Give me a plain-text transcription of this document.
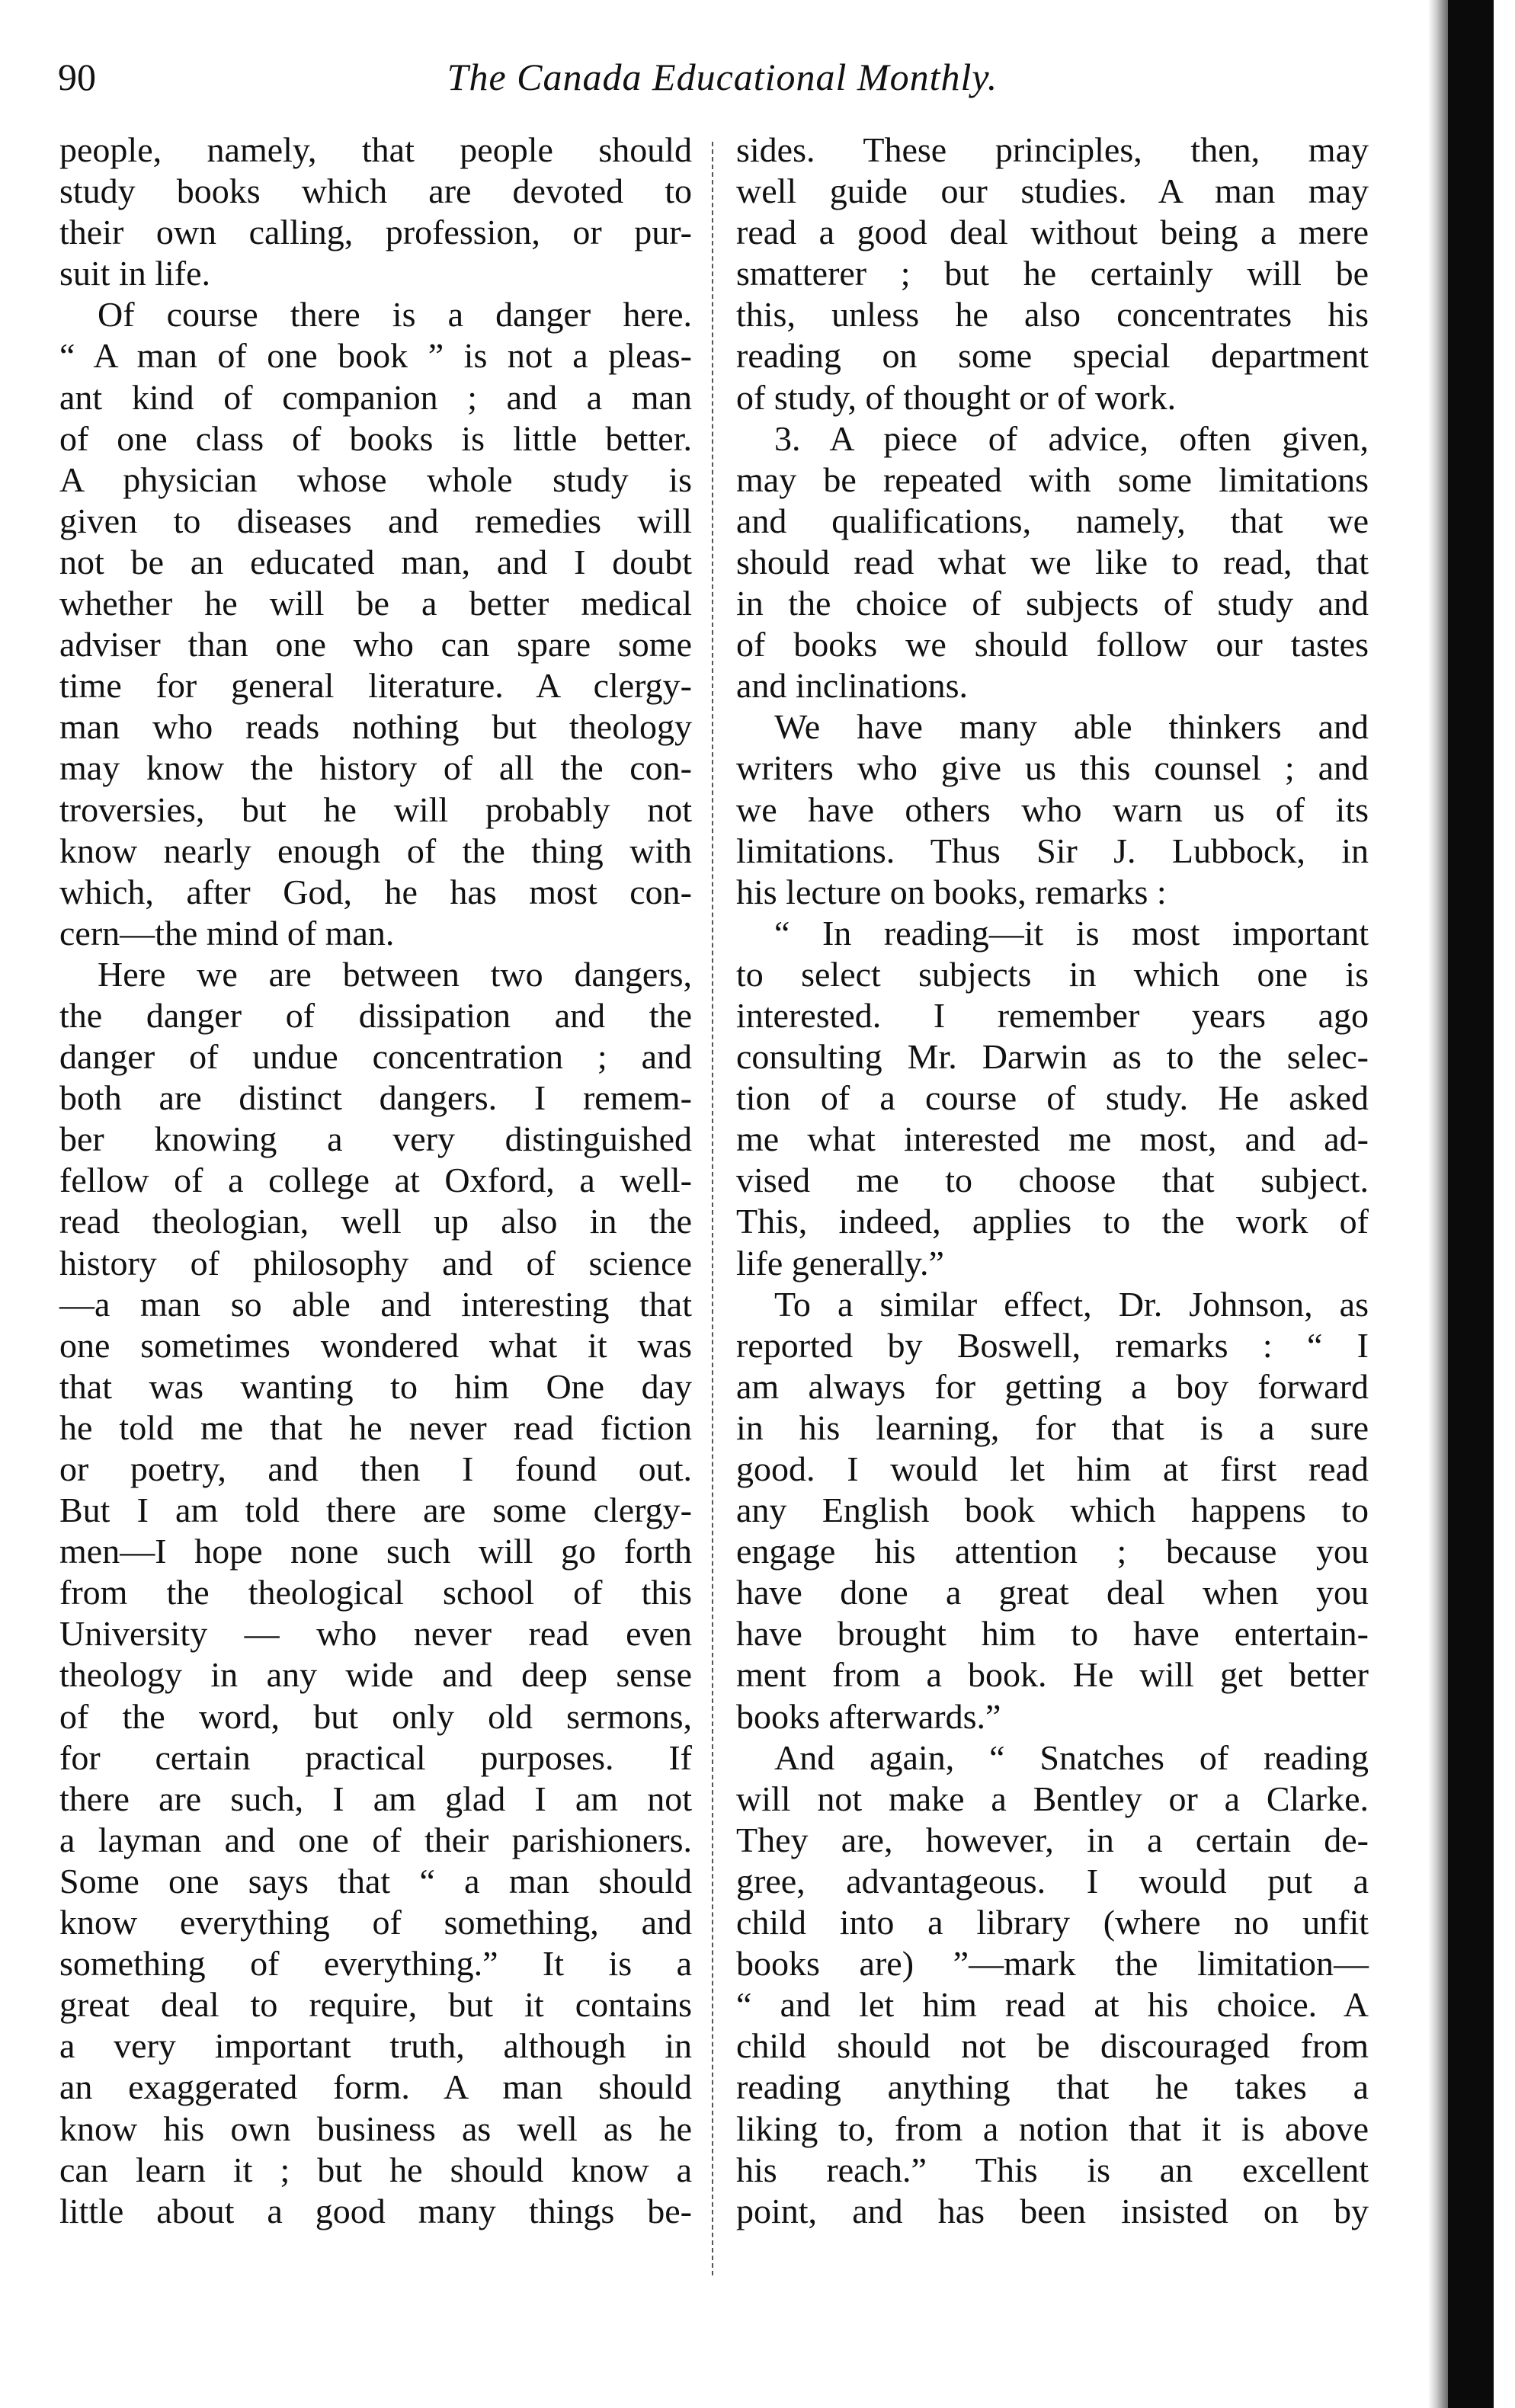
90	The Canada Educational Monthly.
people, namely, that people should
study books which are devoted to
their own calling, profession, or pur-
suit in life.
Of course there is a danger here.
“ A man of one book ” is not a pleas-
ant kind of companion ; and a man
of one class of books is little better.
A physician whose whole study is
given to diseases and remedies will
not be an educated man, and I doubt
whether he will be a better medical
adviser than one who can spare some
time for general literature. A clergy-
man who reads nothing but theology
may know the history of all the con-
troversies, but he will probably not
know nearly enough of the thing with
which, after God, he has most con-
cern—the mind of man.
Here we are between two dangers,
the danger of dissipation and the
danger of undue concentration ; and
both are distinct dangers. I remem-
ber knowing a very distinguished
fellow of a college at Oxford, a well-
read theologian, well up also in the
history of philosophy and of science
—a man so able and interesting that
one sometimes wondered what it was
that was wanting to him One day
he told me that he never read fiction
or poetry, and then I found out.
But I am told there are some clergy-
men—I hope none such will go forth
from the theological school of this
University — who never read even
theology in any wide and deep sense
of the word, but only old sermons,
for certain practical purposes. If
there are such, I am glad I am not
a layman and one of their parishioners.
Some one says that “ a man should
know everything of something, and
something of everything.” It is a
great deal to require, but it contains
a very important truth, although in
an exaggerated form. A man should
know his own business as well as he
can learn it ; but he should know a
little about a good many things be-
sides. These principles, then, may
well guide our studies. A man may
read a good deal without being a mere
smatterer ; but he certainly will be
this, unless he also concentrates his
reading on some special department
of study, of thought or of work.
3. A piece of advice, often given,
may be repeated with some limitations
and qualifications, namely, that we
should read what we like to read, that
in the choice of subjects of study and
of books we should follow our tastes
and inclinations.
We have many able thinkers and
writers who give us this counsel ; and
we have others who warn us of its
limitations. Thus Sir J. Lubbock, in
his lecture on books, remarks :
“ In reading—it is most important
to select subjects in which one is
interested. I remember years ago
consulting Mr. Darwin as to the selec-
tion of a course of study. He asked
me what interested me most, and ad-
vised me to choose that subject.
This, indeed, applies to the work of
life generally.”
To a similar effect, Dr. Johnson, as
reported by Boswell, remarks : “ I
am always for getting a boy forward
in his learning, for that is a sure
good. I would let him at first read
any English book which happens to
engage his attention ; because you
have done a great deal when you
have brought him to have entertain-
ment from a book. He will get better
books afterwards.”
And again, “ Snatches of reading
will not make a Bentley or a Clarke.
They are, however, in a certain de-
gree, advantageous. I would put a
child into a library (where no unfit
books are) ”—mark the limitation—
“ and let him read at his choice. A
child should not be discouraged from
reading anything that he takes a
liking to, from a notion that it is above
his reach.” This is an excellent
point, and has been insisted on by
